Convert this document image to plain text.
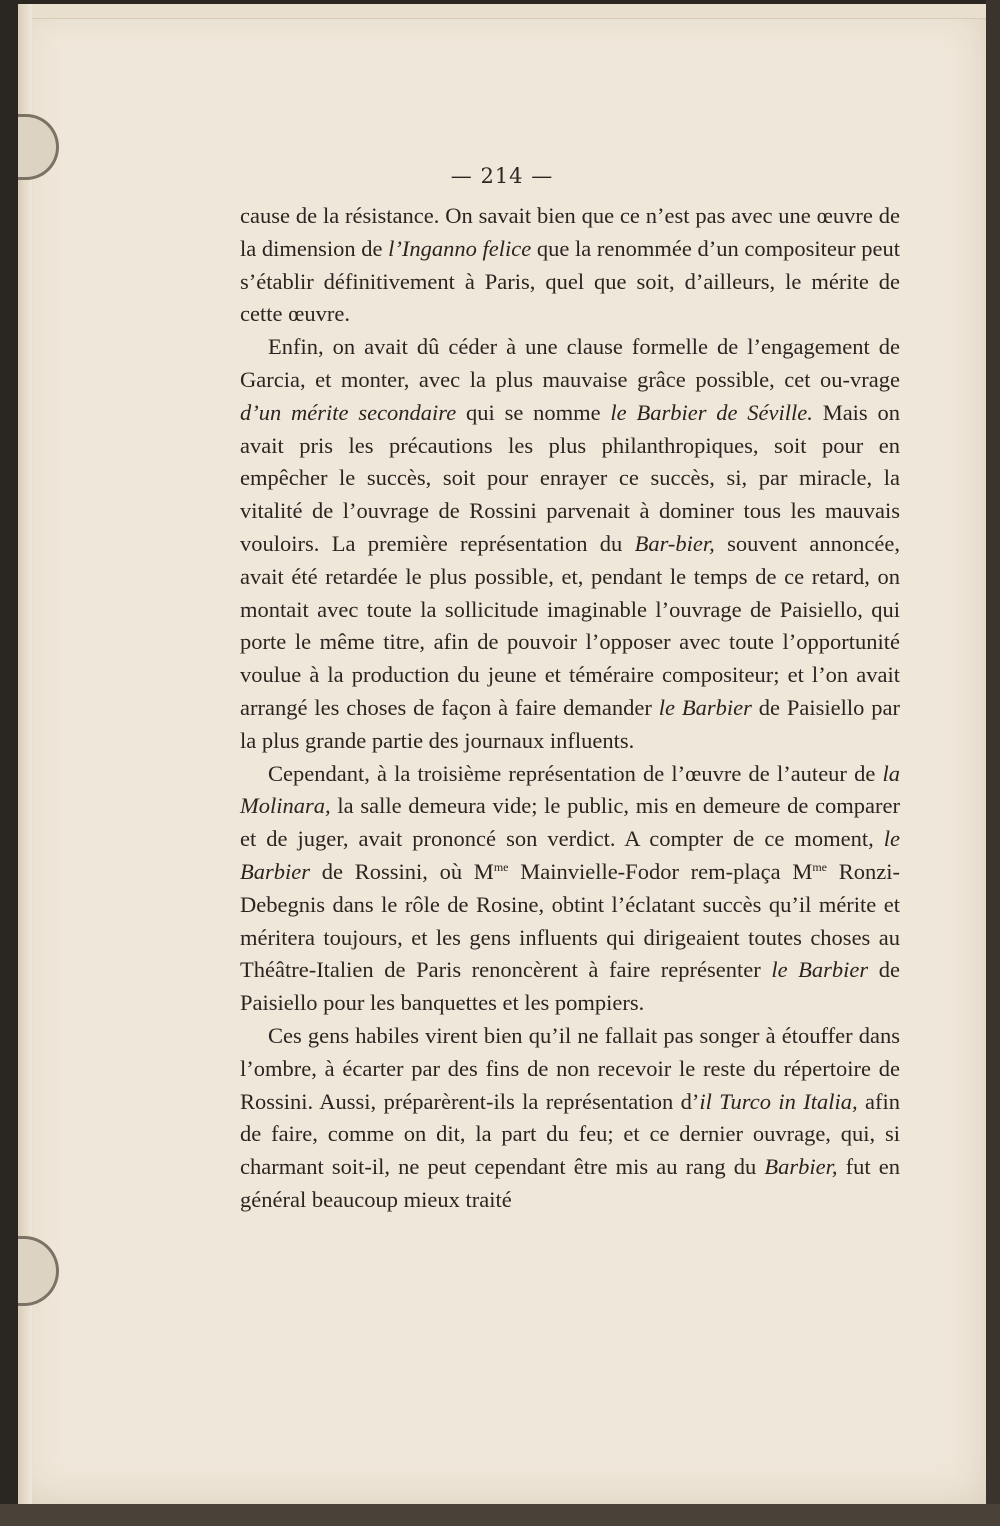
— 214 —

cause de la résistance. On savait bien que ce n’est pas avec une œuvre de la dimension de l’Inganno felice que la renommée d’un compositeur peut s’établir définitivement à Paris, quel que soit, d’ailleurs, le mérite de cette œuvre.

Enfin, on avait dû céder à une clause formelle de l’engagement de Garcia, et monter, avec la plus mauvaise grâce possible, cet ou-vrage d’un mérite secondaire qui se nomme le Barbier de Séville. Mais on avait pris les précautions les plus philanthropiques, soit pour en empêcher le succès, soit pour enrayer ce succès, si, par miracle, la vitalité de l’ouvrage de Rossini parvenait à dominer tous les mauvais vouloirs. La première représentation du Bar-bier, souvent annoncée, avait été retardée le plus possible, et, pendant le temps de ce retard, on montait avec toute la sollicitude imaginable l’ouvrage de Paisiello, qui porte le même titre, afin de pouvoir l’opposer avec toute l’opportunité voulue à la production du jeune et téméraire compositeur; et l’on avait arrangé les choses de façon à faire demander le Barbier de Paisiello par la plus grande partie des journaux influents.

Cependant, à la troisième représentation de l’œuvre de l’auteur de la Molinara, la salle demeura vide; le public, mis en demeure de comparer et de juger, avait prononcé son verdict. A compter de ce moment, le Barbier de Rossini, où $M^{me}$ Mainvielle-Fodor rem-plaça $M^{me}$ Ronzi-Debegnis dans le rôle de Rosine, obtint l’éclatant succès qu’il mérite et méritera toujours, et les gens influents qui dirigeaient toutes choses au Théâtre-Italien de Paris renoncèrent à faire représenter le Barbier de Paisiello pour les banquettes et les pompiers.

Ces gens habiles virent bien qu’il ne fallait pas songer à étouffer dans l’ombre, à écarter par des fins de non recevoir le reste du répertoire de Rossini. Aussi, préparèrent-ils la représentation d’il Turco in Italia, afin de faire, comme on dit, la part du feu; et ce dernier ouvrage, qui, si charmant soit-il, ne peut cependant être mis au rang du Barbier, fut en général beaucoup mieux traité
